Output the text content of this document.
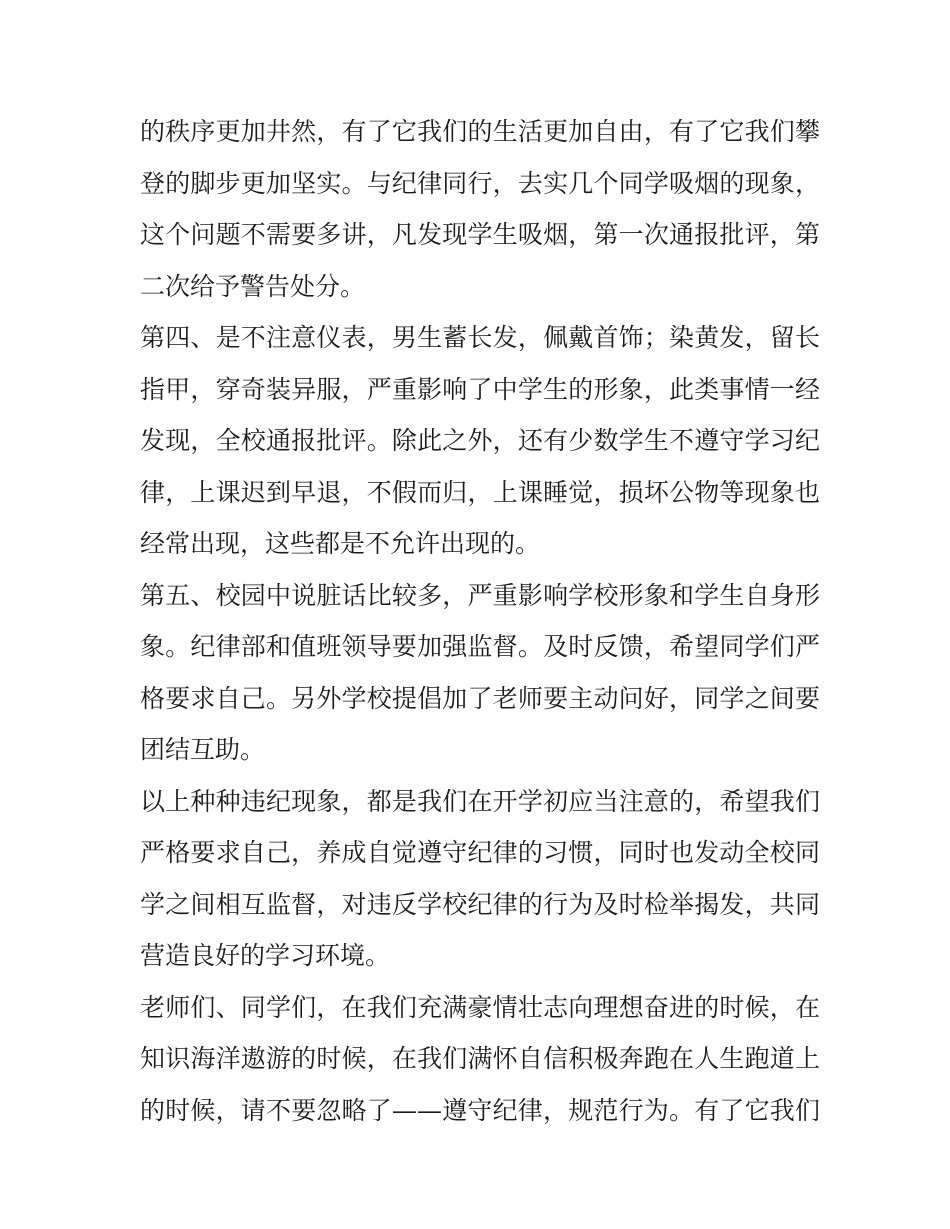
的秩序更加井然，有了它我们的生活更加自由，有了它我们攀
登的脚步更加坚实。与纪律同行，去实几个同学吸烟的现象，
这个问题不需要多讲，凡发现学生吸烟，第一次通报批评，第
二次给予警告处分。
第四、是不注意仪表，男生蓄长发，佩戴首饰；染黄发，留长
指甲，穿奇装异服，严重影响了中学生的形象，此类事情一经
发现，全校通报批评。除此之外，还有少数学生不遵守学习纪
律，上课迟到早退，不假而归，上课睡觉，损坏公物等现象也
经常出现，这些都是不允许出现的。
第五、校园中说脏话比较多，严重影响学校形象和学生自身形
象。纪律部和值班领导要加强监督。及时反馈，希望同学们严
格要求自己。另外学校提倡加了老师要主动问好，同学之间要
团结互助。
以上种种违纪现象，都是我们在开学初应当注意的，希望我们
严格要求自己，养成自觉遵守纪律的习惯，同时也发动全校同
学之间相互监督，对违反学校纪律的行为及时检举揭发，共同
营造良好的学习环境。
老师们、同学们，在我们充满豪情壮志向理想奋进的时候，在
知识海洋遨游的时候，在我们满怀自信积极奔跑在人生跑道上
的时候，请不要忽略了——遵守纪律，规范行为。有了它我们
